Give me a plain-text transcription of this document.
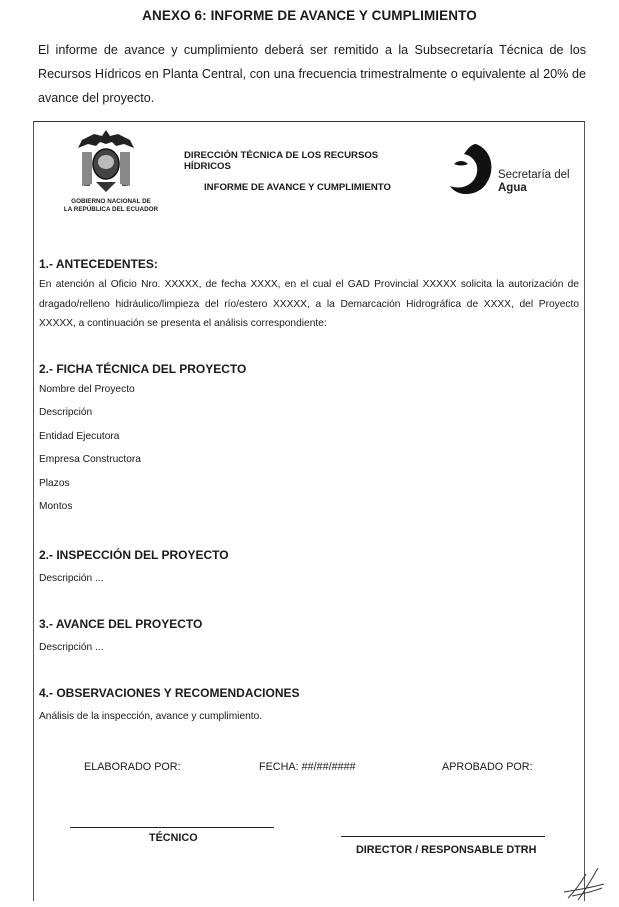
ANEXO 6: INFORME DE AVANCE Y CUMPLIMIENTO
El informe de avance y cumplimiento deberá ser remitido a la Subsecretaría Técnica de los Recursos Hídricos en Planta Central, con una frecuencia trimestralmente o equivalente al 20% de avance del proyecto.
GOBIERNO NACIONAL DE
LA REPÚBLICA DEL ECUADOR
DIRECCIÓN TÉCNICA DE LOS RECURSOS HÍDRICOS
INFORME DE AVANCE Y CUMPLIMIENTO
Secretaría del
Agua
1.- ANTECEDENTES:
En atención al Oficio Nro. XXXXX, de fecha XXXX, en el cual el GAD Provincial XXXXX solicita la autorización de dragado/relleno hidráulico/limpieza del río/estero XXXXX, a la Demarcación Hidrográfica de XXXX, del Proyecto XXXXX, a continuación se presenta el análisis correspondiente:
2.- FICHA TÉCNICA DEL PROYECTO
Nombre del Proyecto
Descripción
Entidad Ejecutora
Empresa Constructora
Plazos
Montos
2.- INSPECCIÓN DEL PROYECTO
Descripción ...
3.- AVANCE DEL PROYECTO
Descripción ...
4.- OBSERVACIONES Y RECOMENDACIONES
Análisis de la inspección, avance y cumplimiento.
ELABORADO POR:	FECHA: ##/##/####	APROBADO POR:
TÉCNICO
DIRECTOR / RESPONSABLE DTRH
